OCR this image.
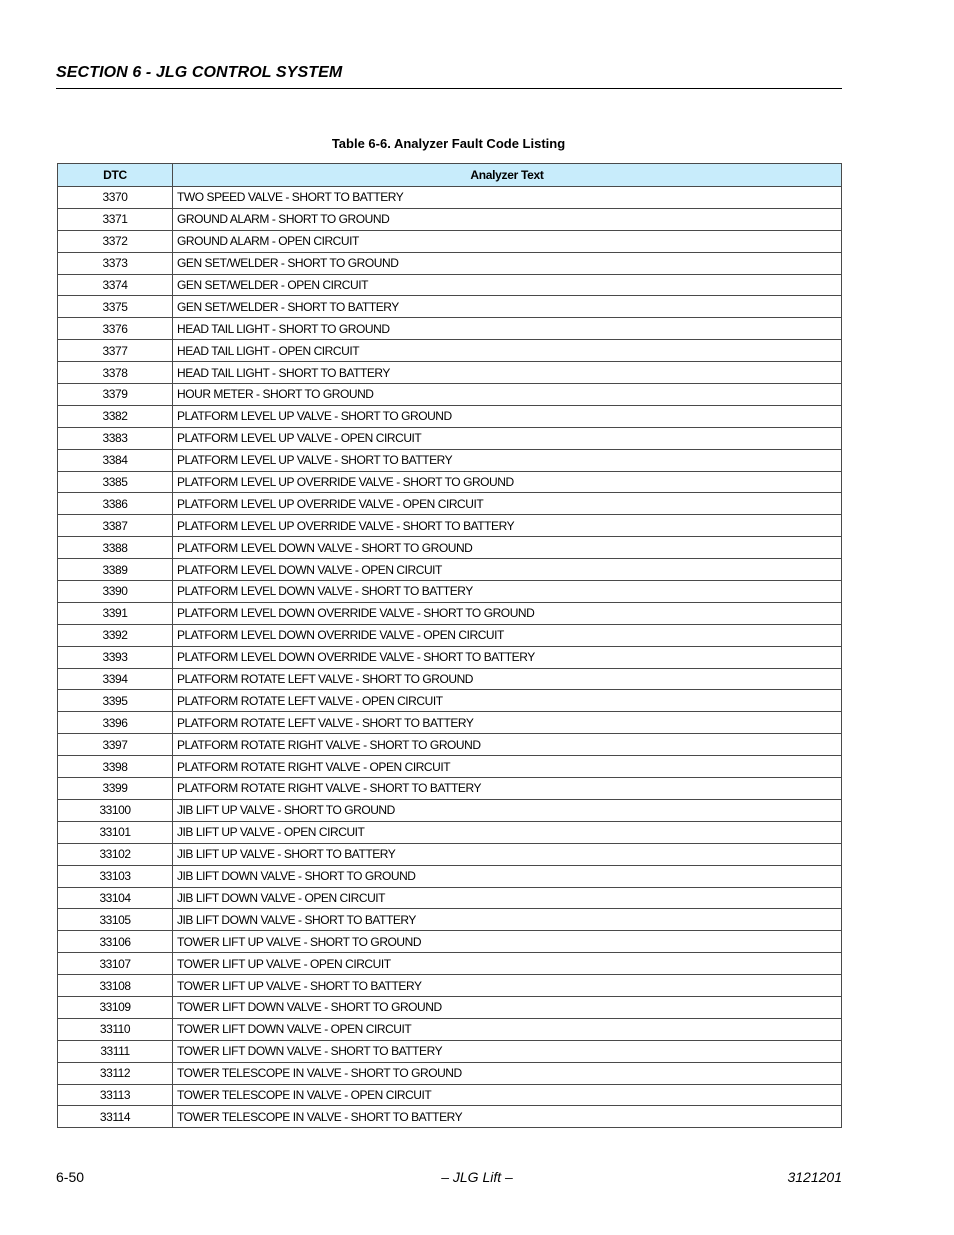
SECTION 6 - JLG CONTROL SYSTEM
Table 6-6. Analyzer Fault Code Listing
DTC	Analyzer Text
3370	TWO SPEED VALVE - SHORT TO BATTERY
3371	GROUND ALARM - SHORT TO GROUND
3372	GROUND ALARM - OPEN CIRCUIT
3373	GEN SET/WELDER - SHORT TO GROUND
3374	GEN SET/WELDER - OPEN CIRCUIT
3375	GEN SET/WELDER - SHORT TO BATTERY
3376	HEAD TAIL LIGHT - SHORT TO GROUND
3377	HEAD TAIL LIGHT - OPEN CIRCUIT
3378	HEAD TAIL LIGHT - SHORT TO BATTERY
3379	HOUR METER - SHORT TO GROUND
3382	PLATFORM LEVEL UP VALVE - SHORT TO GROUND
3383	PLATFORM LEVEL UP VALVE - OPEN CIRCUIT
3384	PLATFORM LEVEL UP VALVE - SHORT TO BATTERY
3385	PLATFORM LEVEL UP OVERRIDE VALVE - SHORT TO GROUND
3386	PLATFORM LEVEL UP OVERRIDE VALVE - OPEN CIRCUIT
3387	PLATFORM LEVEL UP OVERRIDE VALVE - SHORT TO BATTERY
3388	PLATFORM LEVEL DOWN VALVE - SHORT TO GROUND
3389	PLATFORM LEVEL DOWN VALVE - OPEN CIRCUIT
3390	PLATFORM LEVEL DOWN VALVE - SHORT TO BATTERY
3391	PLATFORM LEVEL DOWN OVERRIDE VALVE - SHORT TO GROUND
3392	PLATFORM LEVEL DOWN OVERRIDE VALVE - OPEN CIRCUIT
3393	PLATFORM LEVEL DOWN OVERRIDE VALVE - SHORT TO BATTERY
3394	PLATFORM ROTATE LEFT VALVE - SHORT TO GROUND
3395	PLATFORM ROTATE LEFT VALVE - OPEN CIRCUIT
3396	PLATFORM ROTATE LEFT VALVE - SHORT TO BATTERY
3397	PLATFORM ROTATE RIGHT VALVE - SHORT TO GROUND
3398	PLATFORM ROTATE RIGHT VALVE - OPEN CIRCUIT
3399	PLATFORM ROTATE RIGHT VALVE - SHORT TO BATTERY
33100	JIB LIFT UP VALVE - SHORT TO GROUND
33101	JIB LIFT UP VALVE - OPEN CIRCUIT
33102	JIB LIFT UP VALVE - SHORT TO BATTERY
33103	JIB LIFT DOWN VALVE - SHORT TO GROUND
33104	JIB LIFT DOWN VALVE - OPEN CIRCUIT
33105	JIB LIFT DOWN VALVE - SHORT TO BATTERY
33106	TOWER LIFT UP VALVE - SHORT TO GROUND
33107	TOWER LIFT UP VALVE - OPEN CIRCUIT
33108	TOWER LIFT UP VALVE - SHORT TO BATTERY
33109	TOWER LIFT DOWN VALVE - SHORT TO GROUND
33110	TOWER LIFT DOWN VALVE - OPEN CIRCUIT
33111	TOWER LIFT DOWN VALVE - SHORT TO BATTERY
33112	TOWER TELESCOPE IN VALVE - SHORT TO GROUND
33113	TOWER TELESCOPE IN VALVE - OPEN CIRCUIT
33114	TOWER TELESCOPE IN VALVE - SHORT TO BATTERY
6-50	– JLG Lift –	3121201
